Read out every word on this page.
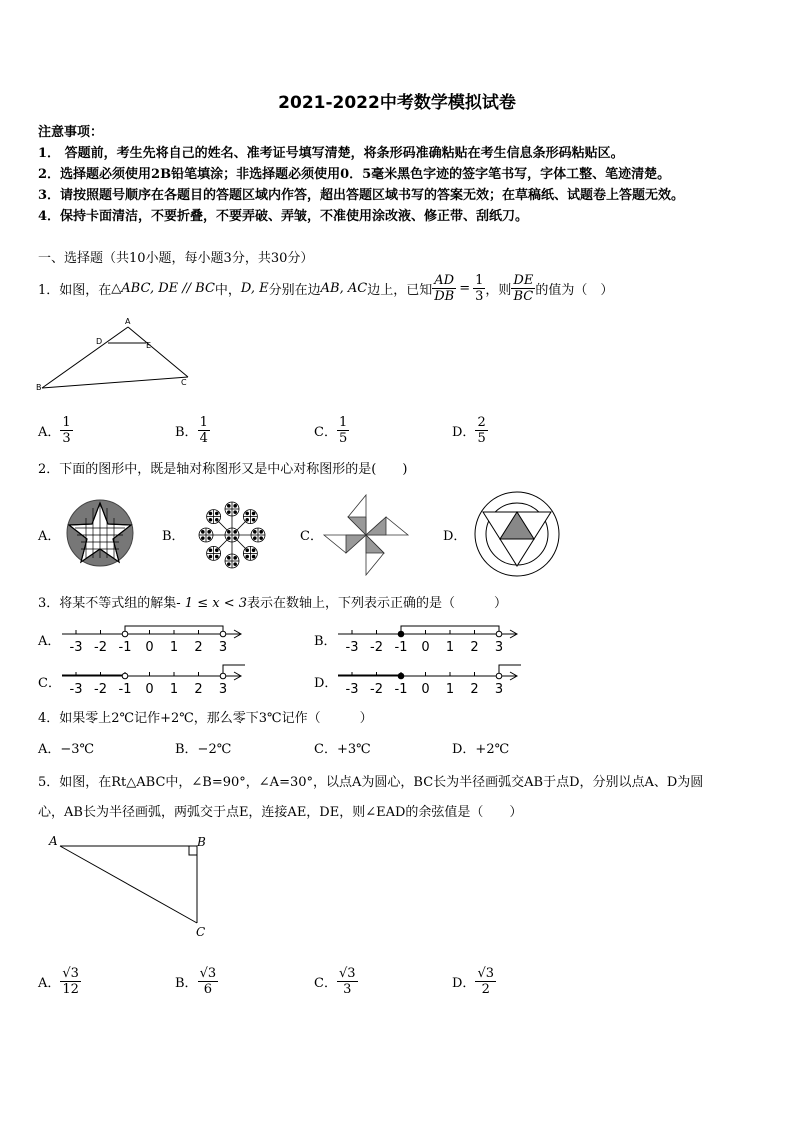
2021-2022中考数学模拟试卷
注意事项：
1． 答题前，考生先将自己的姓名、准考证号填写清楚，将条形码准确粘贴在考生信息条形码粘贴区。
2．选择题必须使用2B铅笔填涂；非选择题必须使用0．5毫米黑色字迹的签字笔书写，字体工整、笔迹清楚。
3．请按照题号顺序在各题目的答题区域内作答，超出答题区域书写的答案无效；在草稿纸、试题卷上答题无效。
4．保持卡面清洁，不要折叠，不要弄破、弄皱，不准使用涂改液、修正带、刮纸刀。
一、选择题（共10小题，每小题3分，共30分）
1．如图，在 △ABC, DE // BC 中， D, E 分别在边 AB, AC 边上，已知 $\frac{AD}{DB} = \frac{1}{3}$ ，则 $\frac{DE}{BC}$ 的值为（　）
A
D	E
B
C
A． $\frac{1}{3}$	B． $\frac{1}{4}$	C． $\frac{1}{5}$	D． $\frac{2}{5}$
2．下面的图形中，既是轴对称图形又是中心对称图形的是(　　)
A．	B．	C．	D．
3．将某不等式组的解集- 1 ≤ x < 3表示在数轴上，下列表示正确的是（　　　）
A．	B．
C．	D．
-3 -2 -1 0 1 2 3	-3 -2 -1 0 1 2 3
-3 -2 -1 0 1 2 3	-3 -2 -1 0 1 2 3
4．如果零上2℃记作+2℃，那么零下3℃记作（　　　）
A．−3℃	B．−2℃	C．+3℃	D．+2℃
5．如图，在Rt△ABC中，∠B=90°，∠A=30°，以点A为圆心，BC长为半径画弧交AB于点D，分别以点A、D为圆
心，AB长为半径画弧，两弧交于点E，连接AE，DE，则∠EAD的余弦值是（　　）
A	B
C
A． $\frac{√3}{12}$	B． $\frac{√3}{6}$	C． $\frac{√3}{3}$	D． $\frac{√3}{2}$
